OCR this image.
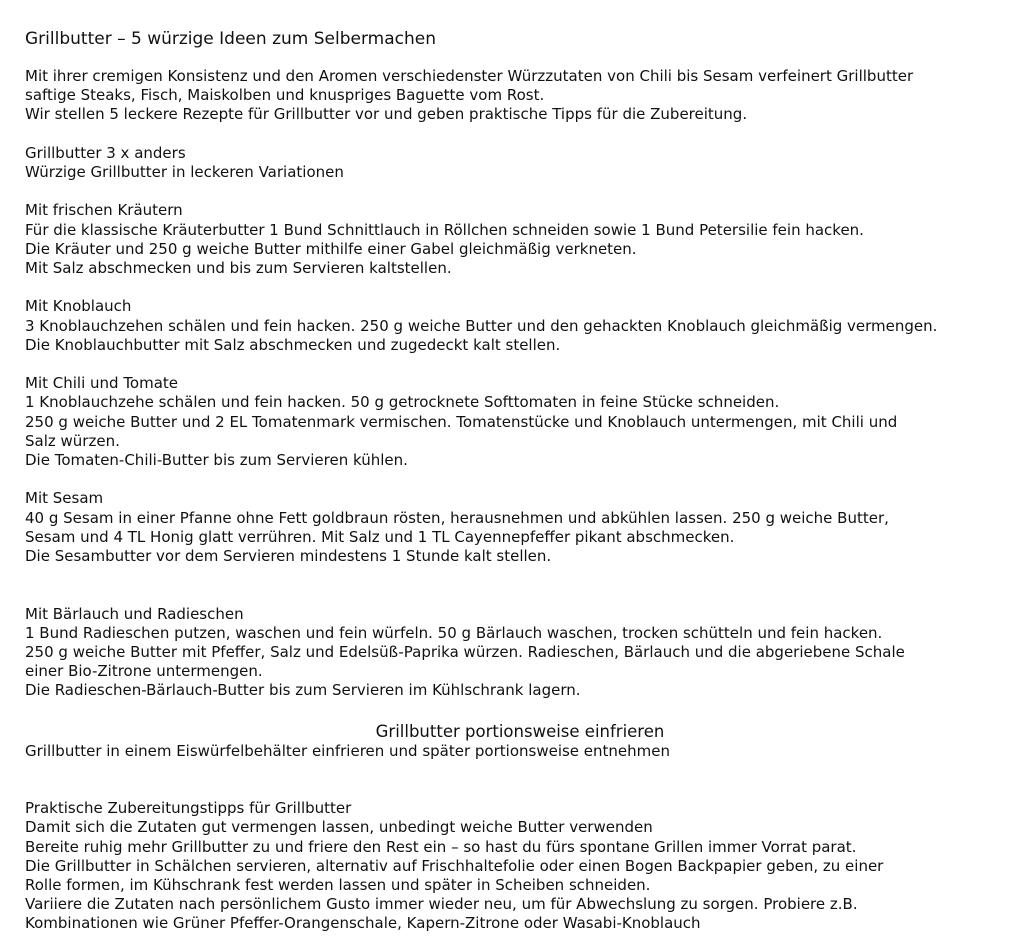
Grillbutter – 5 würzige Ideen zum Selbermachen

Mit ihrer cremigen Konsistenz und den Aromen verschiedenster Würzzutaten von Chili bis Sesam verfeinert Grillbutter

saftige Steaks, Fisch, Maiskolben und knuspriges Baguette vom Rost.

Wir stellen 5 leckere Rezepte für Grillbutter vor und geben praktische Tipps für die Zubereitung.

Grillbutter 3 x anders

Würzige Grillbutter in leckeren Variationen

Mit frischen Kräutern

Für die klassische Kräuterbutter 1 Bund Schnittlauch in Röllchen schneiden sowie 1 Bund Petersilie fein hacken.

Die Kräuter und 250 g weiche Butter mithilfe einer Gabel gleichmäßig verkneten.

Mit Salz abschmecken und bis zum Servieren kaltstellen.

Mit Knoblauch

3 Knoblauchzehen schälen und fein hacken. 250 g weiche Butter und den gehackten Knoblauch gleichmäßig vermengen.

Die Knoblauchbutter mit Salz abschmecken und zugedeckt kalt stellen.

Mit Chili und Tomate

1 Knoblauchzehe schälen und fein hacken. 50 g getrocknete Softtomaten in feine Stücke schneiden.

250 g weiche Butter und 2 EL Tomatenmark vermischen. Tomatenstücke und Knoblauch untermengen, mit Chili und

Salz würzen.

Die Tomaten-Chili-Butter bis zum Servieren kühlen.

Mit Sesam

40 g Sesam in einer Pfanne ohne Fett goldbraun rösten, herausnehmen und abkühlen lassen. 250 g weiche Butter,

Sesam und 4 TL Honig glatt verrühren. Mit Salz und 1 TL Cayennepfeffer pikant abschmecken.

Die Sesambutter vor dem Servieren mindestens 1 Stunde kalt stellen.

Mit Bärlauch und Radieschen

1 Bund Radieschen putzen, waschen und fein würfeln. 50 g Bärlauch waschen, trocken schütteln und fein hacken.

250 g weiche Butter mit Pfeffer, Salz und Edelsüß-Paprika würzen. Radieschen, Bärlauch und die abgeriebene Schale

einer Bio-Zitrone untermengen.

Die Radieschen-Bärlauch-Butter bis zum Servieren im Kühlschrank lagern.

Grillbutter portionsweise einfrieren

Grillbutter in einem Eiswürfelbehälter einfrieren und später portionsweise entnehmen

Praktische Zubereitungstipps für Grillbutter

Damit sich die Zutaten gut vermengen lassen, unbedingt weiche Butter verwenden

Bereite ruhig mehr Grillbutter zu und friere den Rest ein – so hast du fürs spontane Grillen immer Vorrat parat.

Die Grillbutter in Schälchen servieren, alternativ auf Frischhaltefolie oder einen Bogen Backpapier geben, zu einer

Rolle formen, im Kühschrank fest werden lassen und später in Scheiben schneiden.

Variiere die Zutaten nach persönlichem Gusto immer wieder neu, um für Abwechslung zu sorgen. Probiere z.B.

Kombinationen wie Grüner Pfeffer-Orangenschale, Kapern-Zitrone oder Wasabi-Knoblauch
